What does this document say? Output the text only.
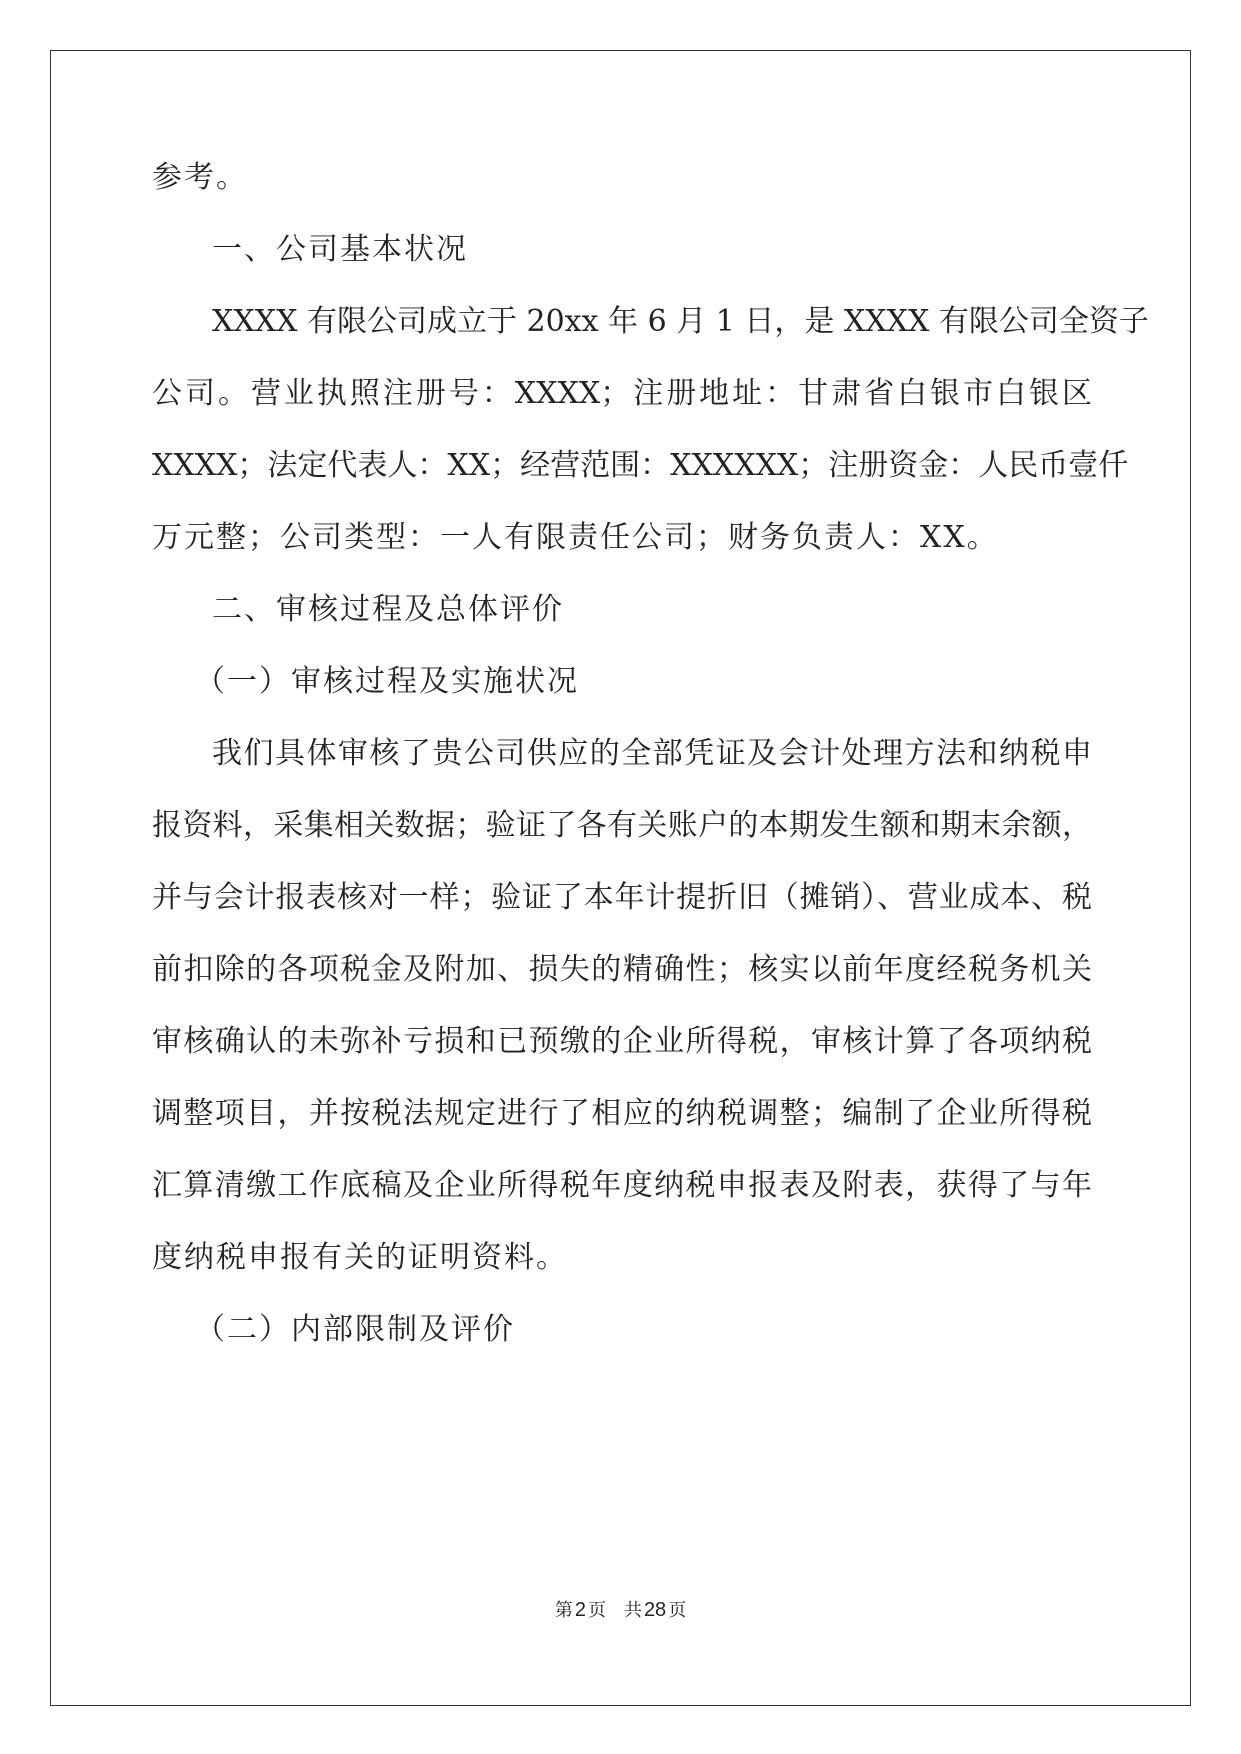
参考。
一、公司基本状况
XXXX 有限公司成立于 20xx 年 6 月 1 日，是 XXXX 有限公司全资子
公司。营业执照注册号：XXXX；注册地址：甘肃省白银市白银区
XXXX；法定代表人：XX；经营范围：XXXXXX；注册资金：人民币壹仟
万元整；公司类型：一人有限责任公司；财务负责人：XX。
二、审核过程及总体评价
（一）审核过程及实施状况
我们具体审核了贵公司供应的全部凭证及会计处理方法和纳税申
报资料，采集相关数据；验证了各有关账户的本期发生额和期末余额，
并与会计报表核对一样；验证了本年计提折旧（摊销）、营业成本、税
前扣除的各项税金及附加、损失的精确性；核实以前年度经税务机关
审核确认的未弥补亏损和已预缴的企业所得税，审核计算了各项纳税
调整项目，并按税法规定进行了相应的纳税调整；编制了企业所得税
汇算清缴工作底稿及企业所得税年度纳税申报表及附表，获得了与年
度纳税申报有关的证明资料。
（二）内部限制及评价
第 2 页 共 28 页
